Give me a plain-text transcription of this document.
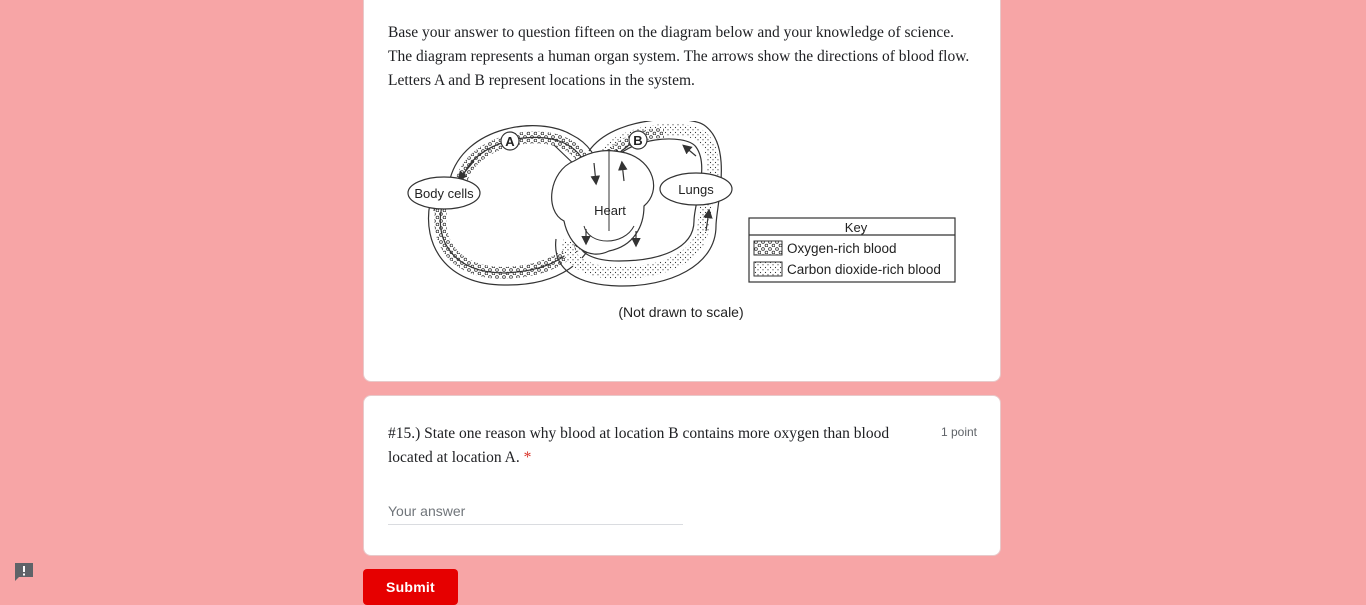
Base your answer to question fifteen on the diagram below and your knowledge of science.
The diagram represents a human organ system. The arrows show the directions of blood flow.
Letters A and B represent locations in the system.
Heart
Body cells	Lungs
A	B
Key
Oxygen-rich blood
Carbon dioxide-rich blood
(Not drawn to scale)
#15.) State one reason why blood at location B contains more oxygen than blood located at location A. *
1 point
Your answer
Submit
